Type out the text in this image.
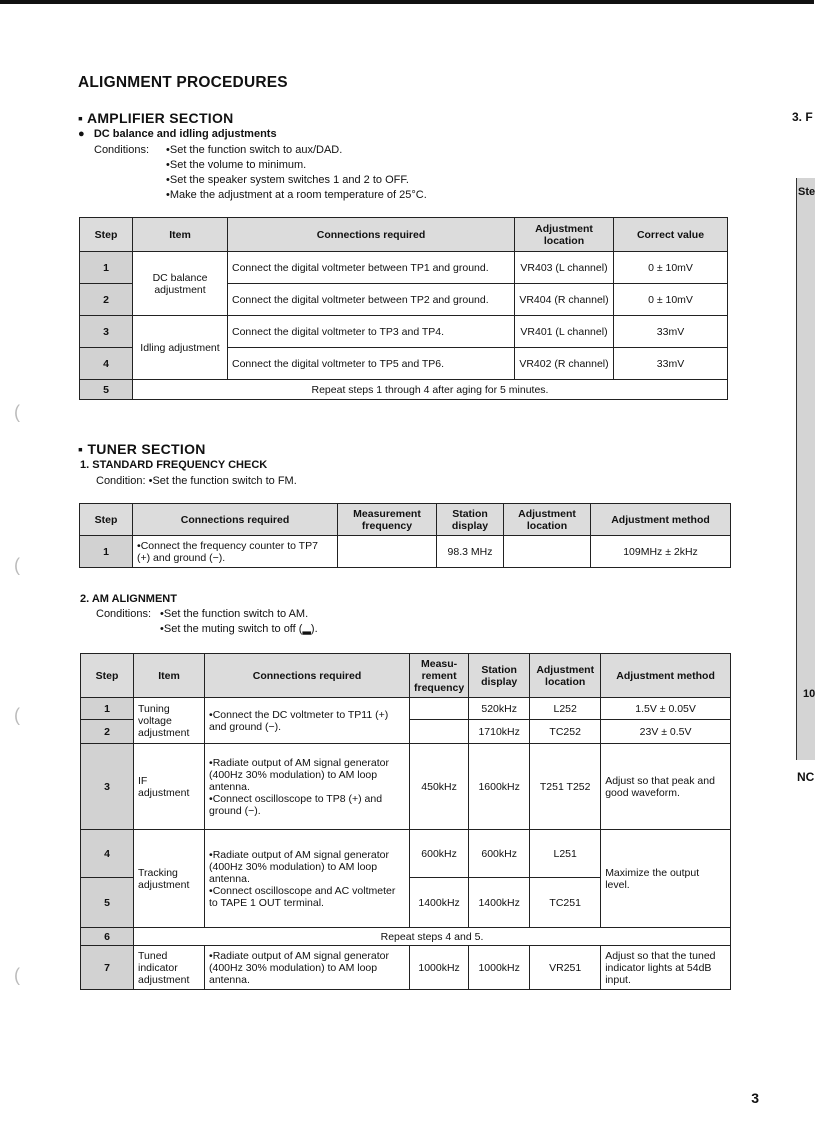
ALIGNMENT PROCEDURES
▪ AMPLIFIER SECTION
●   DC balance and idling adjustments
Conditions:	• Set the function switch to aux/DAD.
• Set the volume to minimum.
• Set the speaker system switches 1 and 2 to OFF.
• Make the adjustment at a room temperature of 25°C.
Step	Item	Connections required	Adjustment location	Correct value
1	DC balance adjustment	Connect the digital voltmeter between TP1 and ground.	VR403 (L channel)	0 ± 10mV
2		Connect the digital voltmeter between TP2 and ground.	VR404 (R channel)	0 ± 10mV
3	Idling adjustment	Connect the digital voltmeter to TP3 and TP4.	VR401 (L channel)	33mV
4		Connect the digital voltmeter to TP5 and TP6.	VR402 (R channel)	33mV
5	Repeat steps 1 through 4 after aging for 5 minutes.			
▪ TUNER SECTION
1. STANDARD FREQUENCY CHECK
Condition: • Set the function switch to FM.
Step	Connections required	Measurement frequency	Station display	Adjustment location	Adjustment method
1	• Connect the frequency counter to TP7 (+) and ground (−).		98.3 MHz		109MHz ± 2kHz
2. AM ALIGNMENT
Conditions:	• Set the function switch to AM.
• Set the muting switch to off (▂).
Step	Item	Connections required	Measu-rement frequency	Station display	Adjustment location	Adjustment method
1	Tuning voltage adjustment	• Connect the DC voltmeter to TP11 (+) and ground (−).		520kHz	L252	1.5V ± 0.05V
2				1710kHz	TC252	23V ± 0.5V
3	IF adjustment	• Radiate output of AM signal generator (400Hz 30% modulation) to AM loop antenna.
• Connect oscilloscope to TP8 (+) and ground (−).	450kHz	1600kHz	T251 T252	Adjust so that peak and good waveform.
4	Tracking adjustment	• Radiate output of AM signal generator (400Hz 30% modulation) to AM loop antenna.
• Connect oscilloscope and AC voltmeter to TAPE 1 OUT terminal.	600kHz	600kHz	L251	Maximize the output level.
5			1400kHz	1400kHz	TC251	
6	Repeat steps 4 and 5.					
7	Tuned indicator adjustment	• Radiate output of AM signal generator (400Hz 30% modulation) to AM loop antenna.	1000kHz	1000kHz	VR251	Adjust so that the tuned indicator lights at 54dB input.
3. F
Ste
10
NC
(
(
(
(
3
